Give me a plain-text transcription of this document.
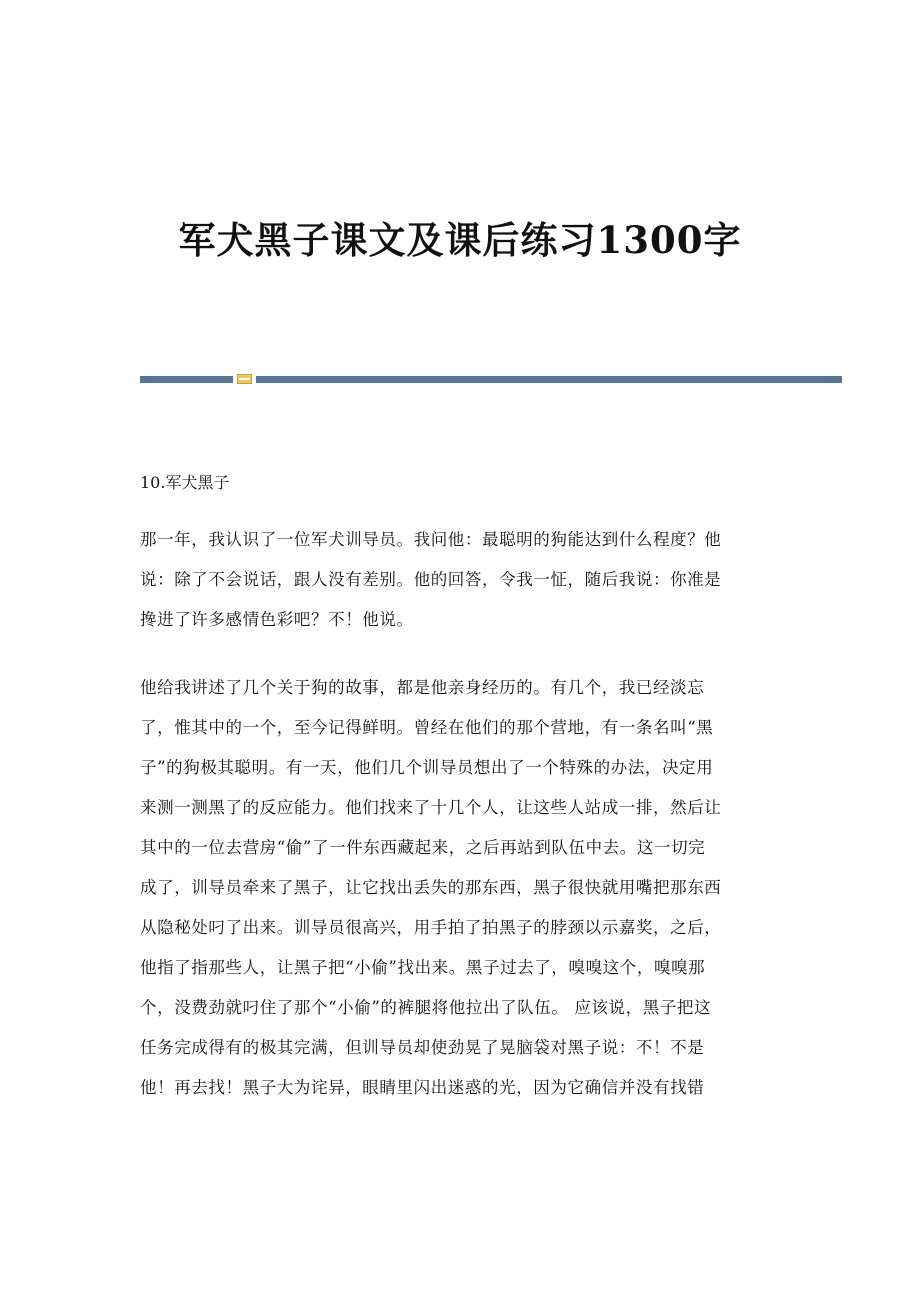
军犬黑子课文及课后练习1300字
10.军犬黑子

那一年，我认识了一位军犬训导员。我问他：最聪明的狗能达到什么程度？他
说：除了不会说话，跟人没有差别。他的回答，令我一怔，随后我说：你准是
搀进了许多感情色彩吧？不！他说。

他给我讲述了几个关于狗的故事，都是他亲身经历的。有几个，我已经淡忘
了，惟其中的一个，至今记得鲜明。曾经在他们的那个营地，有一条名叫“黑
子”的狗极其聪明。有一天，他们几个训导员想出了一个特殊的办法，决定用
来测一测黑了的反应能力。他们找来了十几个人，让这些人站成一排，然后让
其中的一位去营房“偷”了一件东西藏起来，之后再站到队伍中去。这一切完
成了，训导员牵来了黑子，让它找出丢失的那东西，黑子很快就用嘴把那东西
从隐秘处叼了出来。训导员很高兴，用手拍了拍黑子的脖颈以示嘉奖，之后，
他指了指那些人，让黑子把“小偷”找出来。黑子过去了，嗅嗅这个，嗅嗅那
个，没费劲就叼住了那个“小偷”的裤腿将他拉出了队伍。 应该说，黑子把这
任务完成得有的极其完满，但训导员却使劲晃了晃脑袋对黑子说：不！不是
他！再去找！黑子大为诧异，眼睛里闪出迷惑的光，因为它确信并没有找错
